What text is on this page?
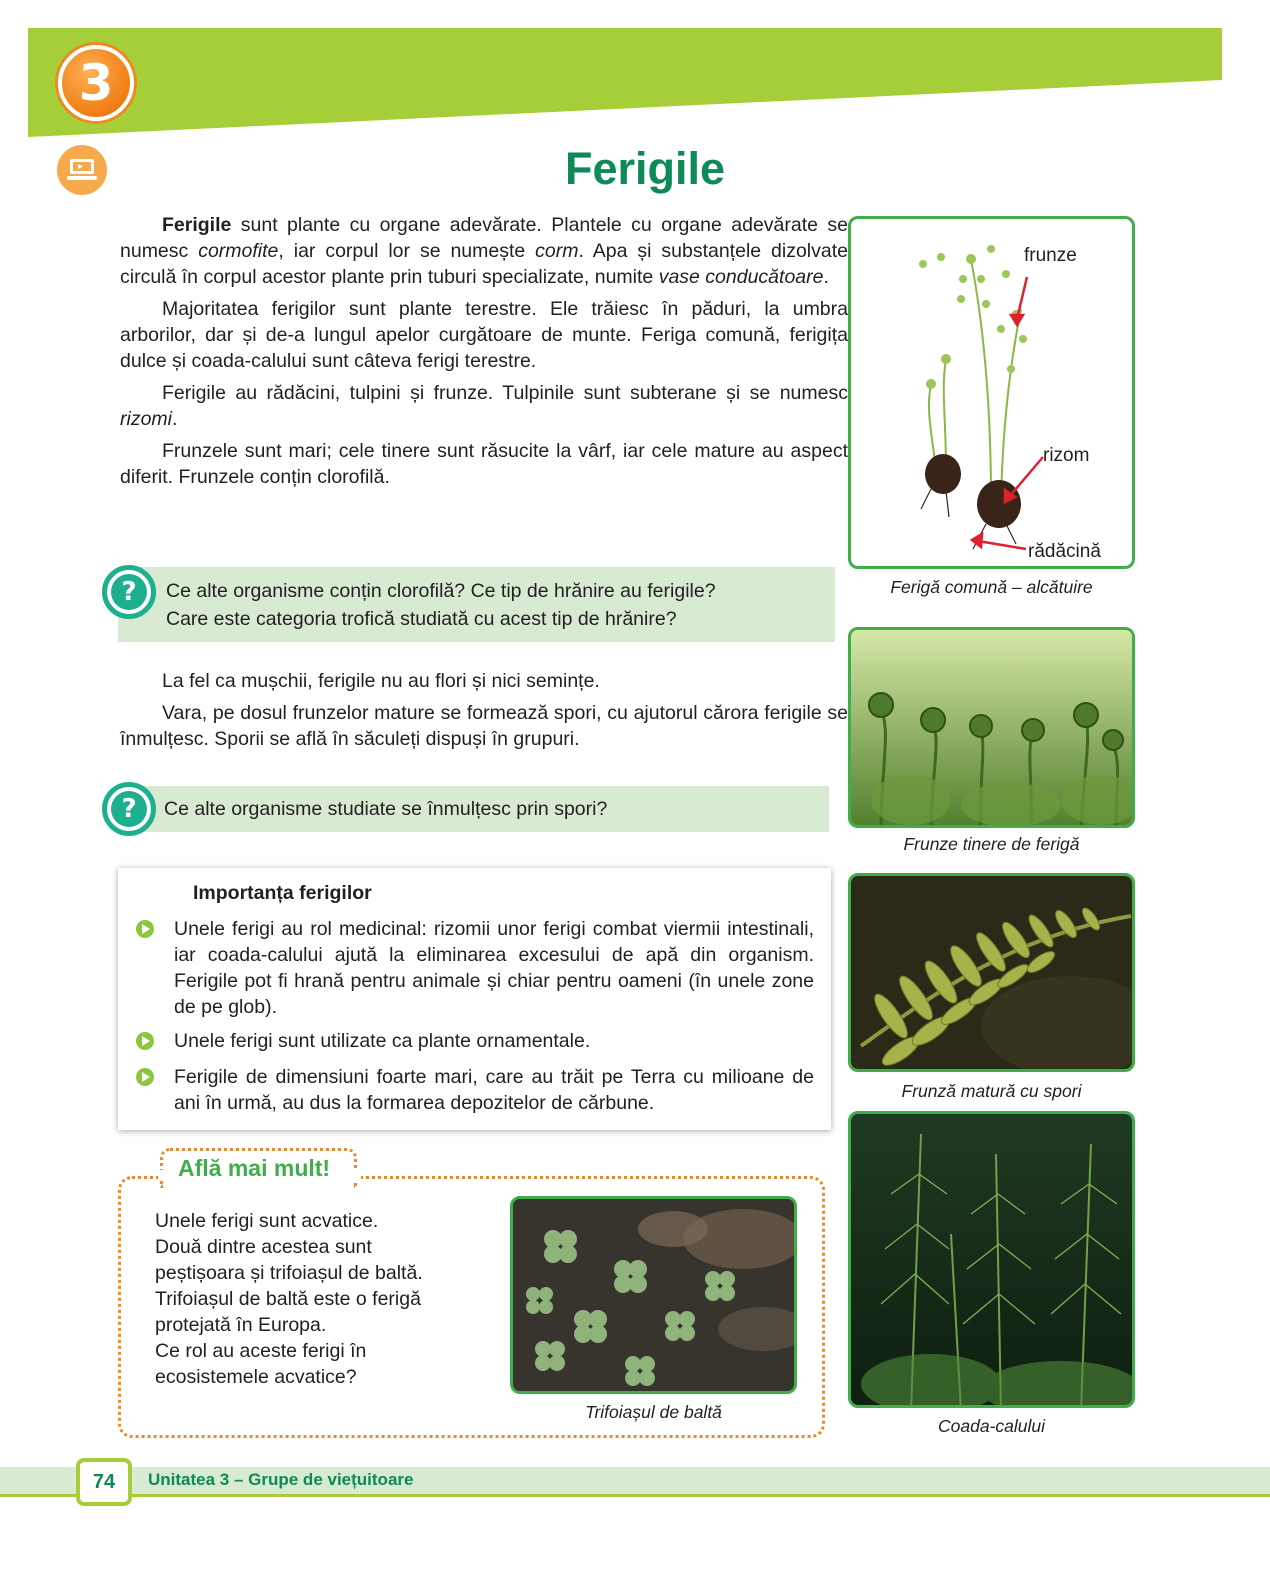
3
Ferigile

Ferigile sunt plante cu organe adevărate. Plantele cu organe adevărate se numesc cormofite, iar corpul lor se numește corm. Apa și substanțele dizolvate circulă în corpul acestor plante prin tuburi specializate, numite vase conducătoare.

Majoritatea ferigilor sunt plante terestre. Ele trăiesc în păduri, la umbra arborilor, dar și de-a lungul apelor curgătoare de munte. Feriga comună, ferigița dulce și coada-calului sunt câteva ferigi terestre.

Ferigile au rădăcini, tulpini și frunze. Tulpinile sunt subterane și se numesc rizomi.

Frunzele sunt mari; cele tinere sunt răsucite la vârf, iar cele mature au aspect diferit. Frunzele conțin clorofilă.

Ce alte organisme conțin clorofilă? Ce tip de hrănire au ferigile?
Care este categoria trofică studiată cu acest tip de hrănire?
?

La fel ca mușchii, ferigile nu au flori și nici semințe.

Vara, pe dosul frunzelor mature se formează spori, cu ajutorul cărora ferigile se înmulțesc. Sporii se află în săculeți dispuși în grupuri.

Ce alte organisme studiate se înmulțesc prin spori?
?
Importanța ferigilor
Unele ferigi au rol medicinal: rizomii unor ferigi combat viermii intestinali, iar coada-calului ajută la eliminarea excesului de apă din organism. Ferigile pot fi hrană pentru animale și chiar pentru oameni (în unele zone de pe glob).
Unele ferigi sunt utilizate ca plante ornamentale.
Ferigile de dimensiuni foarte mari, care au trăit pe Terra cu milioane de ani în urmă, au dus la formarea depozitelor de cărbune.
Află mai mult!
Unele ferigi sunt acvatice.
Două dintre acestea sunt
peștișoara și trifoiașul de baltă.
Trifoiașul de baltă este o ferigă
protejată în Europa.
Ce rol au aceste ferigi în
ecosistemele acvatice?
Trifoiașul de baltă
frunze
rizom
rădăcină
Ferigă comună – alcătuire
Frunze tinere de ferigă
Frunză matură cu spori
Coada-calului
74	Unitatea 3 – Grupe de viețuitoare
